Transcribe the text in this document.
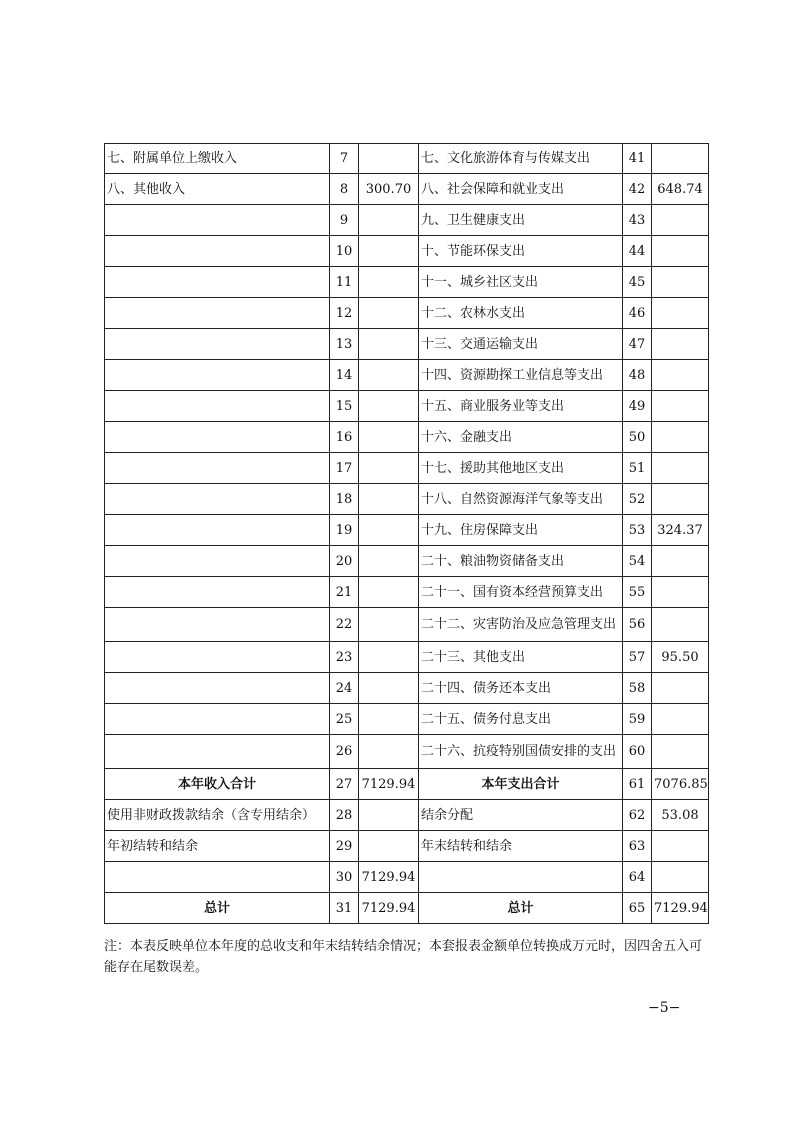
七、附属单位上缴收入	7		七、文化旅游体育与传媒支出	41	
八、其他收入	8	300.70	八、社会保障和就业支出	42	648.74
	9		九、卫生健康支出	43	
	10		十、节能环保支出	44	
	11		十一、城乡社区支出	45	
	12		十二、农林水支出	46	
	13		十三、交通运输支出	47	
	14		十四、资源勘探工业信息等支出	48	
	15		十五、商业服务业等支出	49	
	16		十六、金融支出	50	
	17		十七、援助其他地区支出	51	
	18		十八、自然资源海洋气象等支出	52	
	19		十九、住房保障支出	53	324.37
	20		二十、粮油物资储备支出	54	
	21		二十一、国有资本经营预算支出	55	
	22		二十二、灾害防治及应急管理支出	56	
	23		二十三、其他支出	57	95.50
	24		二十四、债务还本支出	58	
	25		二十五、债务付息支出	59	
	26		二十六、抗疫特别国债安排的支出	60	
本年收入合计	27	7129.94	本年支出合计	61	7076.85
使用非财政拨款结余（含专用结余）	28		结余分配	62	53.08
年初结转和结余	29		年末结转和结余	63	
	30	7129.94		64	
总计	31	7129.94	总计	65	7129.94
注：本表反映单位本年度的总收支和年末结转结余情况；本套报表金额单位转换成万元时，因四舍五入可能存在尾数误差。
−5−
